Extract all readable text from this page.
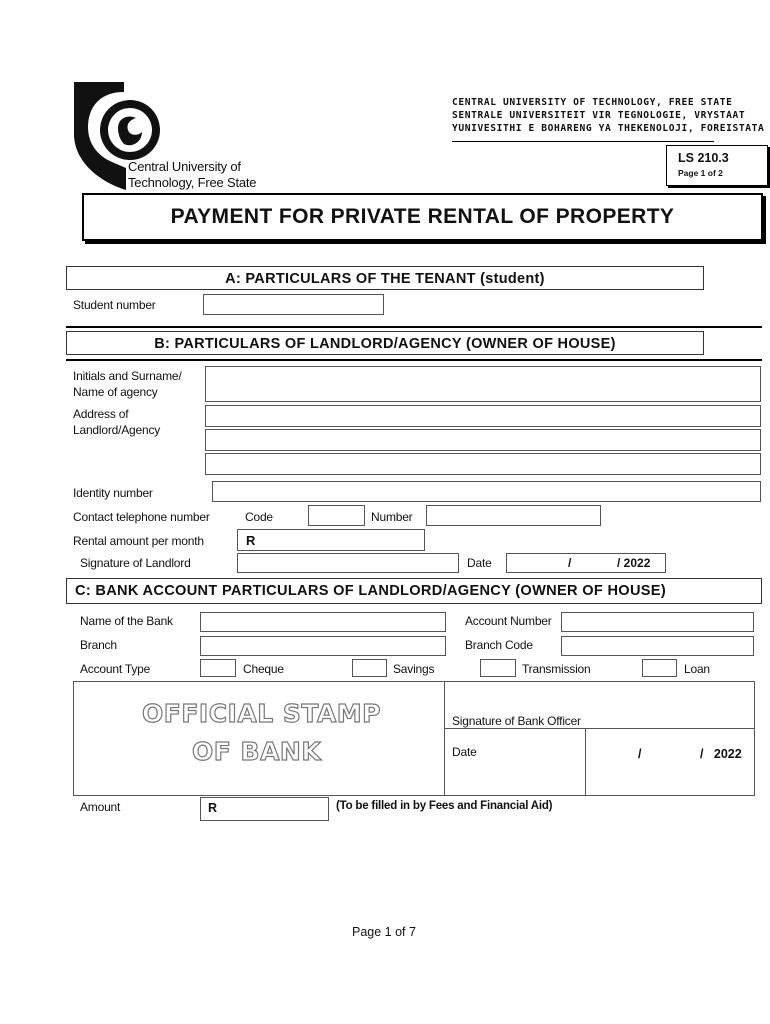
Central University of
Technology, Free State
CENTRAL UNIVERSITY OF TECHNOLOGY, FREE STATE
SENTRALE UNIVERSITEIT VIR TEGNOLOGIE, VRYSTAAT
YUNIVESITHI E BOHARENG YA THEKENOLOJI, FOREISTATA
LS 210.3
Page 1 of 2
PAYMENT FOR PRIVATE RENTAL OF PROPERTY
A: PARTICULARS OF THE TENANT (student)
Student number
B: PARTICULARS OF LANDLORD/AGENCY (OWNER OF HOUSE)
Initials and Surname/
Name of agency
Address of
Landlord/Agency
Identity number
Contact telephone number	Code	Number
Rental amount per month	R
Signature of Landlord	Date	/	/ 2022
C: BANK ACCOUNT PARTICULARS OF LANDLORD/AGENCY (OWNER OF HOUSE)
Name of the Bank	Account Number
Branch	Branch Code
Account Type	Cheque	Savings	Transmission	Loan
OFFICIAL STAMP
OF BANK
Signature of Bank Officer
Date	/	/   2022
Amount	R	(To be filled in by Fees and Financial Aid)
Page 1 of 7
